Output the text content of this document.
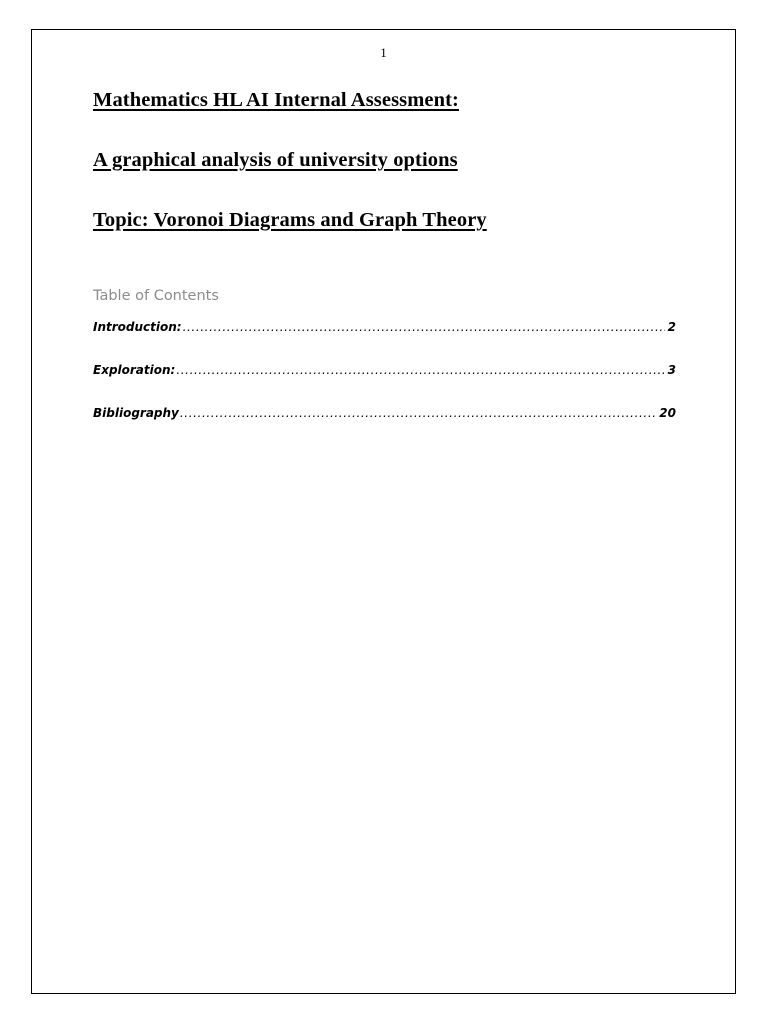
1
Mathematics HL AI Internal Assessment:
A graphical analysis of university options
Topic: Voronoi Diagrams and Graph Theory
Table of Contents
Introduction: .....	2
Exploration: .....	3
Bibliography .....	20
